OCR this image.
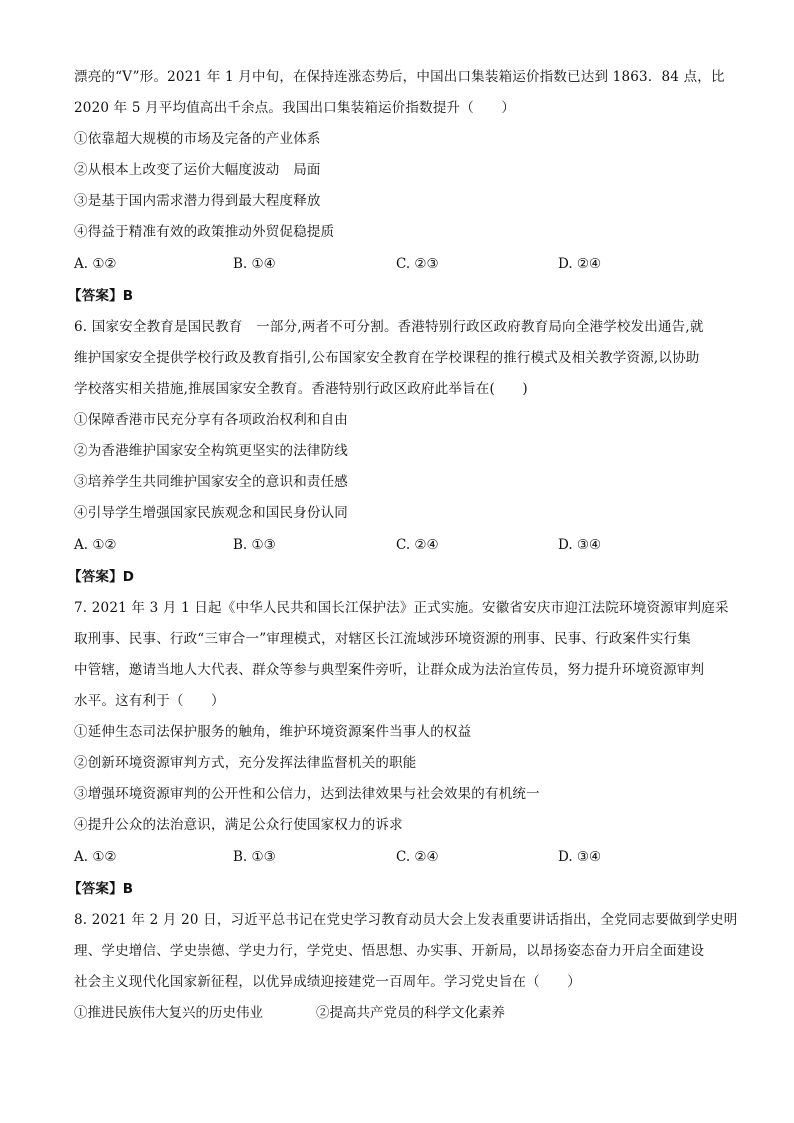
漂亮的“V”形。2021 年 1 月中旬，在保持连涨态势后，中国出口集装箱运价指数已达到 1863．84 点，比
2020 年 5 月平均值高出千余点。我国出口集装箱运价指数提升（　　）
①依靠超大规模的市场及完备的产业体系
②从根本上改变了运价大幅度波动　局面
③是基于国内需求潜力得到最大程度释放
④得益于精准有效的政策推动外贸促稳提质
A. ①②	B. ①④	C. ②③	D. ②④
【答案】B
6. 国家安全教育是国民教育　一部分,两者不可分割。香港特别行政区政府教育局向全港学校发出通告,就
维护国家安全提供学校行政及教育指引,公布国家安全教育在学校课程的推行模式及相关教学资源,以协助
学校落实相关措施,推展国家安全教育。香港特别行政区政府此举旨在(　　)
①保障香港市民充分享有各项政治权利和自由
②为香港维护国家安全构筑更坚实的法律防线
③培养学生共同维护国家安全的意识和责任感
④引导学生增强国家民族观念和国民身份认同
A. ①②	B. ①③	C. ②④	D. ③④
【答案】D
7. 2021 年 3 月 1 日起《中华人民共和国长江保护法》正式实施。安徽省安庆市迎江法院环境资源审判庭采
取刑事、民事、行政“三审合一”审理模式，对辖区长江流域涉环境资源的刑事、民事、行政案件实行集
中管辖，邀请当地人大代表、群众等参与典型案件旁听，让群众成为法治宣传员，努力提升环境资源审判
水平。这有利于（　　）
①延伸生态司法保护服务的触角，维护环境资源案件当事人的权益
②创新环境资源审判方式，充分发挥法律监督机关的职能
③增强环境资源审判的公开性和公信力，达到法律效果与社会效果的有机统一
④提升公众的法治意识，满足公众行使国家权力的诉求
A. ①②	B. ①③	C. ②④	D. ③④
【答案】B
8. 2021 年 2 月 20 日，习近平总书记在党史学习教育动员大会上发表重要讲话指出，全党同志要做到学史明
理、学史增信、学史崇德、学史力行，学党史、悟思想、办实事、开新局，以昂扬姿态奋力开启全面建设
社会主义现代化国家新征程，以优异成绩迎接建党一百周年。学习党史旨在（　　）
①推进民族伟大复兴的历史伟业	②提高共产党员的科学文化素养
